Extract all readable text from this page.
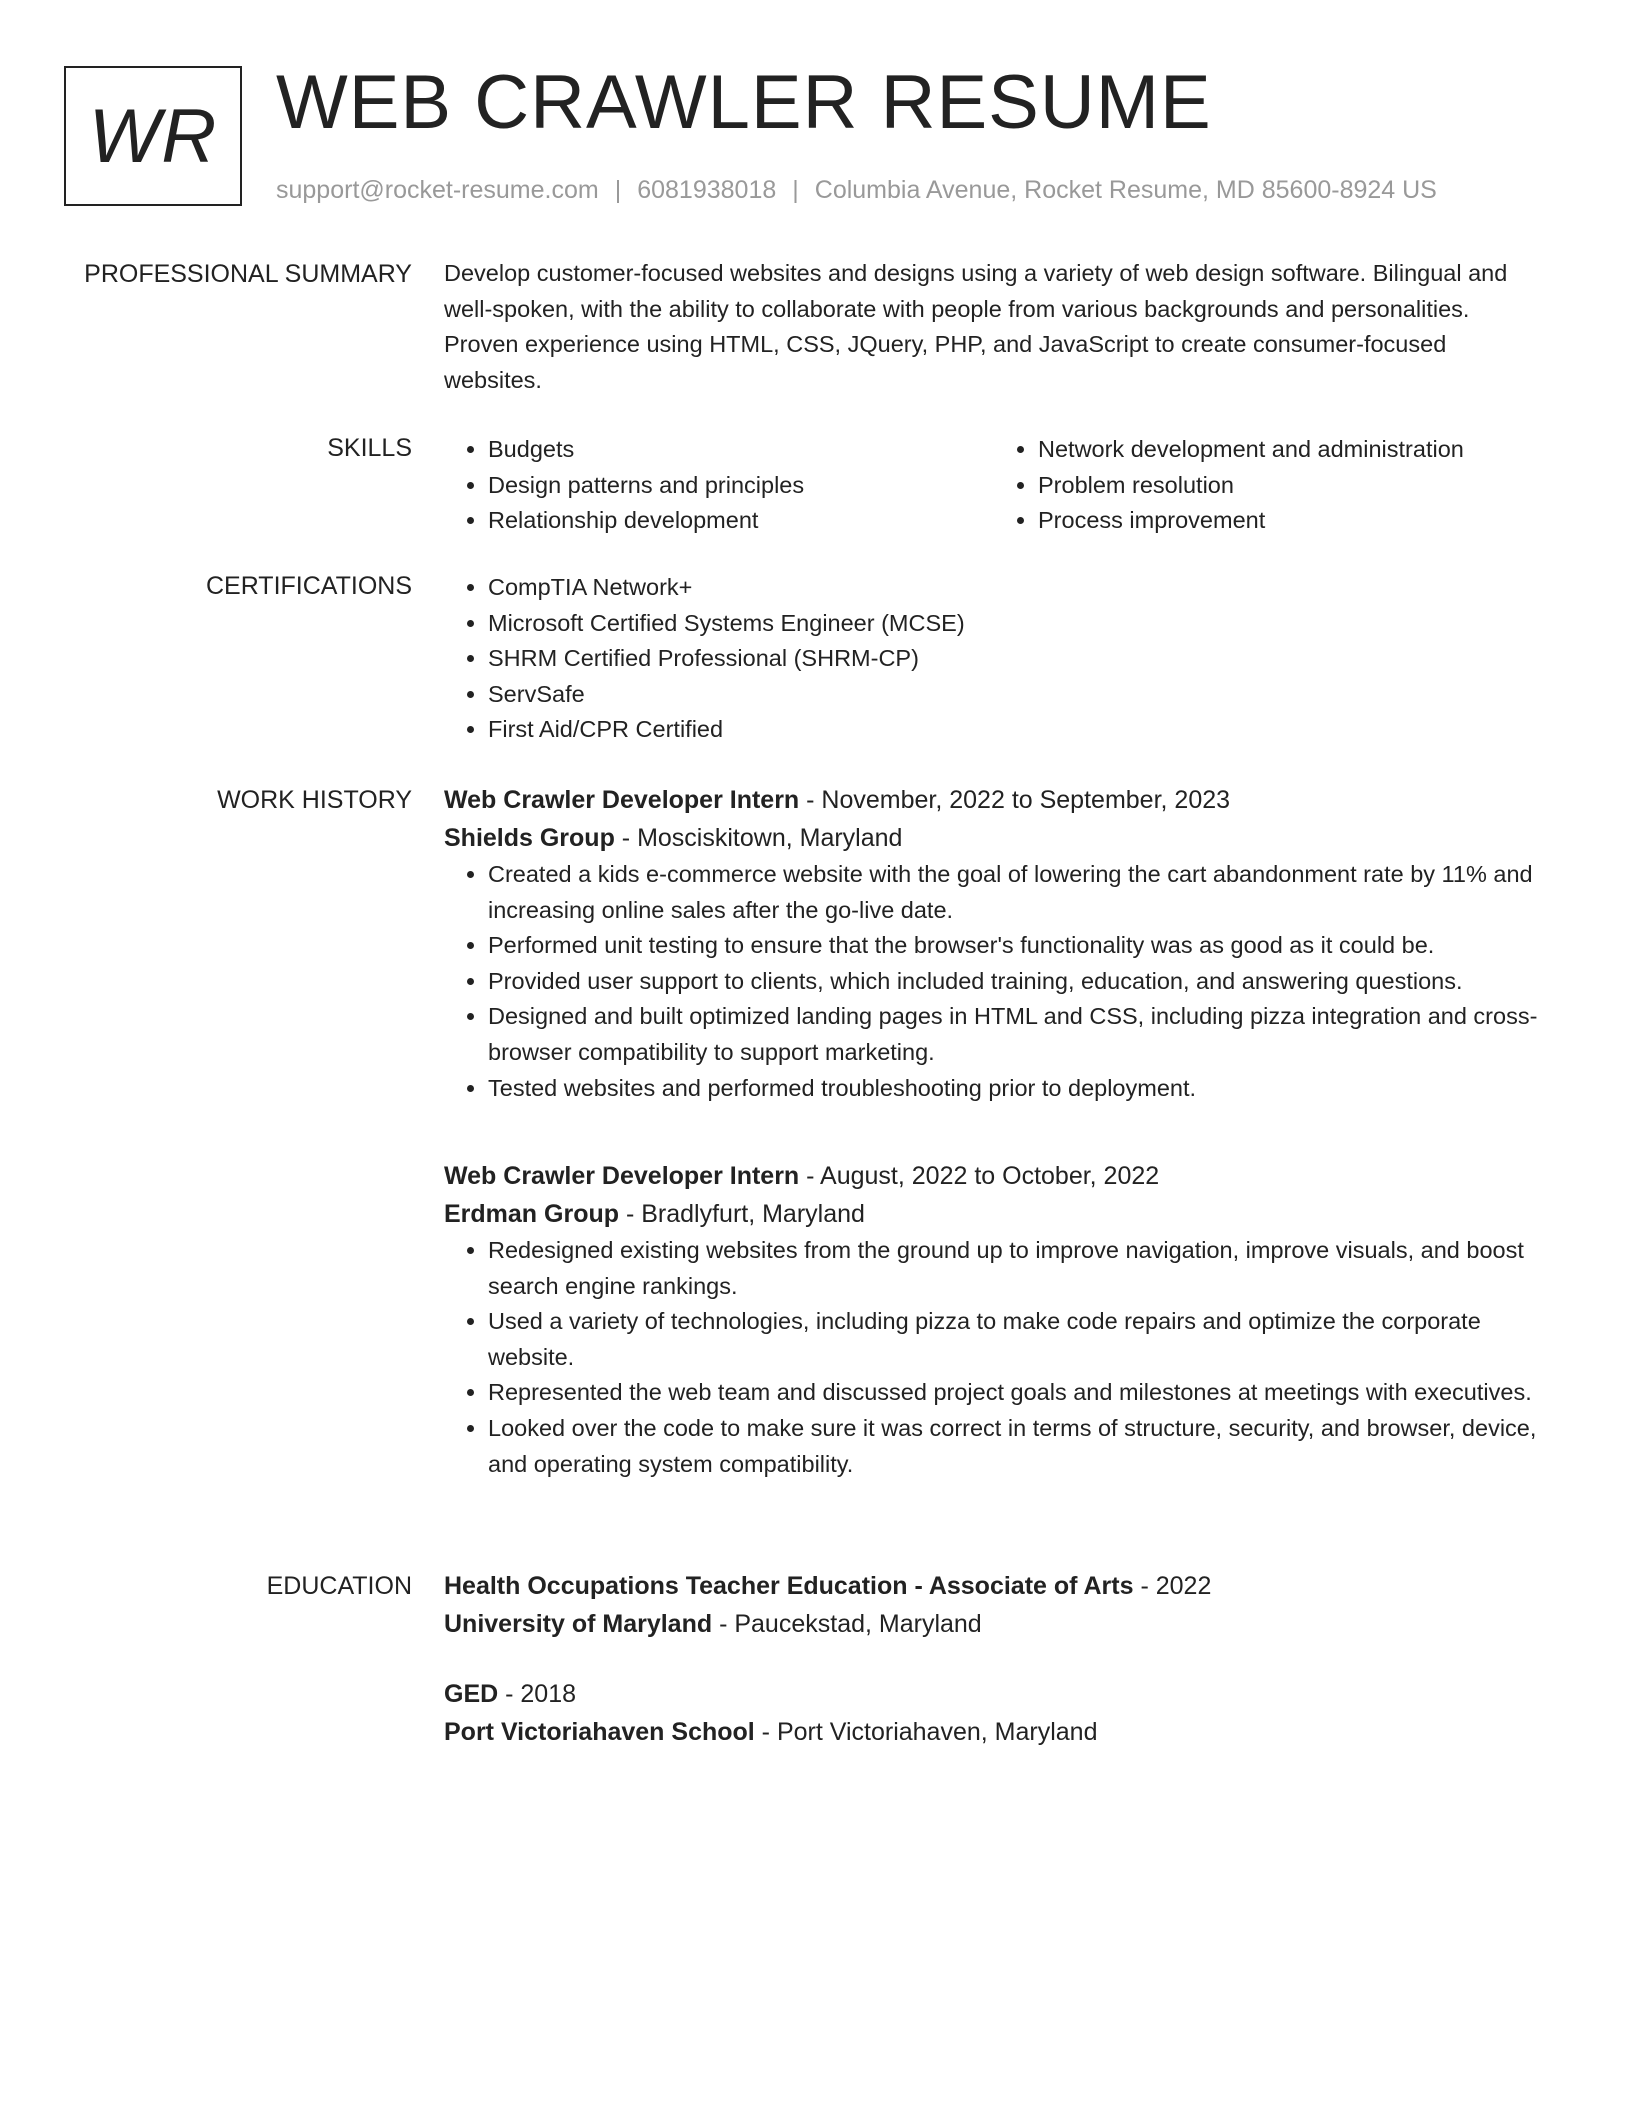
WR WEB CRAWLER RESUME
support@rocket-resume.com | 6081938018 | Columbia Avenue, Rocket Resume, MD 85600-8924 US
PROFESSIONAL SUMMARY Develop customer-focused websites and designs using a variety of web design software. Bilingual and well-spoken, with the ability to collaborate with people from various backgrounds and personalities. Proven experience using HTML, CSS, JQuery, PHP, and JavaScript to create consumer-focused websites.
SKILLS	• Budgets
• Design patterns and principles
• Relationship development
• Network development and administration
• Problem resolution
• Process improvement
CERTIFICATIONS	• CompTIA Network+
• Microsoft Certified Systems Engineer (MCSE)
• SHRM Certified Professional (SHRM-CP)
• ServSafe
• First Aid/CPR Certified
WORK HISTORY Web Crawler Developer Intern - November, 2022 to September, 2023
Shields Group - Mosciskitown, Maryland
• Created a kids e-commerce website with the goal of lowering the cart abandonment rate by 11% and increasing online sales after the go-live date.
• Performed unit testing to ensure that the browser's functionality was as good as it could be.
• Provided user support to clients, which included training, education, and answering questions.
• Designed and built optimized landing pages in HTML and CSS, including pizza integration and cross-browser compatibility to support marketing.
• Tested websites and performed troubleshooting prior to deployment.
Web Crawler Developer Intern - August, 2022 to October, 2022
Erdman Group - Bradlyfurt, Maryland
• Redesigned existing websites from the ground up to improve navigation, improve visuals, and boost search engine rankings.
• Used a variety of technologies, including pizza to make code repairs and optimize the corporate website.
• Represented the web team and discussed project goals and milestones at meetings with executives.
• Looked over the code to make sure it was correct in terms of structure, security, and browser, device, and operating system compatibility.
EDUCATION Health Occupations Teacher Education - Associate of Arts - 2022
University of Maryland - Paucekstad, Maryland
GED - 2018
Port Victoriahaven School - Port Victoriahaven, Maryland
